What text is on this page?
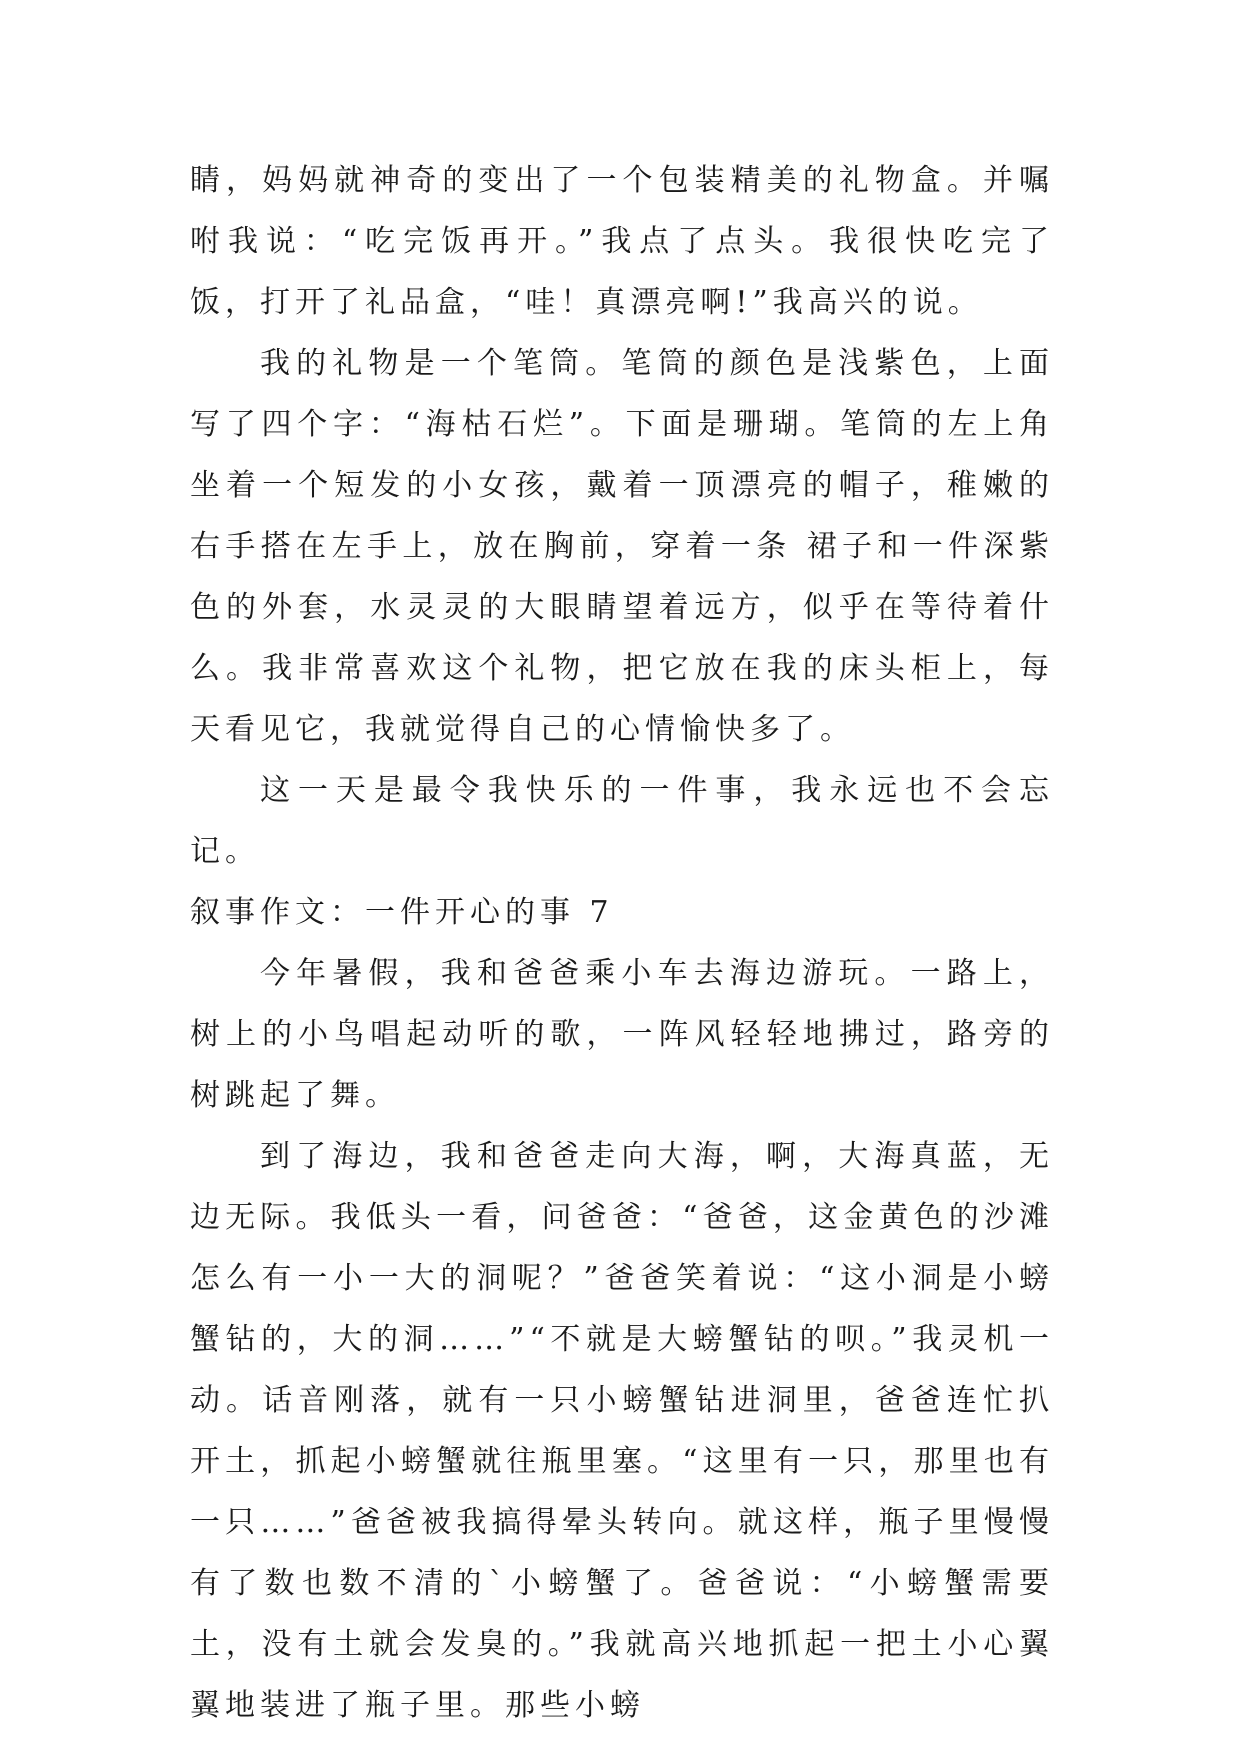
睛，妈妈就神奇的变出了一个包装精美的礼物盒。并嘱咐我说：“吃完饭再开。”我点了点头。我很快吃完了饭，打开了礼品盒，“哇！真漂亮啊!”我高兴的说。

我的礼物是一个笔筒。笔筒的颜色是浅紫色，上面写了四个字：“海枯石烂”。下面是珊瑚。笔筒的左上角坐着一个短发的小女孩，戴着一顶漂亮的帽子，稚嫩的右手搭在左手上，放在胸前，穿着一条 裙子和一件深紫色的外套，水灵灵的大眼睛望着远方，似乎在等待着什么。我非常喜欢这个礼物，把它放在我的床头柜上，每天看见它，我就觉得自己的心情愉快多了。

这一天是最令我快乐的一件事，我永远也不会忘记。

叙事作文：一件开心的事 7

今年暑假，我和爸爸乘小车去海边游玩。一路上，树上的小鸟唱起动听的歌，一阵风轻轻地拂过，路旁的树跳起了舞。

到了海边，我和爸爸走向大海，啊，大海真蓝，无边无际。我低头一看，问爸爸：“爸爸，这金黄色的沙滩怎么有一小一大的洞呢？”爸爸笑着说：“这小洞是小螃蟹钻的，大的洞……”“不就是大螃蟹钻的呗。”我灵机一动。话音刚落，就有一只小螃蟹钻进洞里，爸爸连忙扒开土，抓起小螃蟹就往瓶里塞。“这里有一只，那里也有一只……”爸爸被我搞得晕头转向。就这样，瓶子里慢慢有了数也数不清的`小螃蟹了。爸爸说：“小螃蟹需要土，没有土就会发臭的。”我就高兴地抓起一把土小心翼翼地装进了瓶子里。那些小螃
